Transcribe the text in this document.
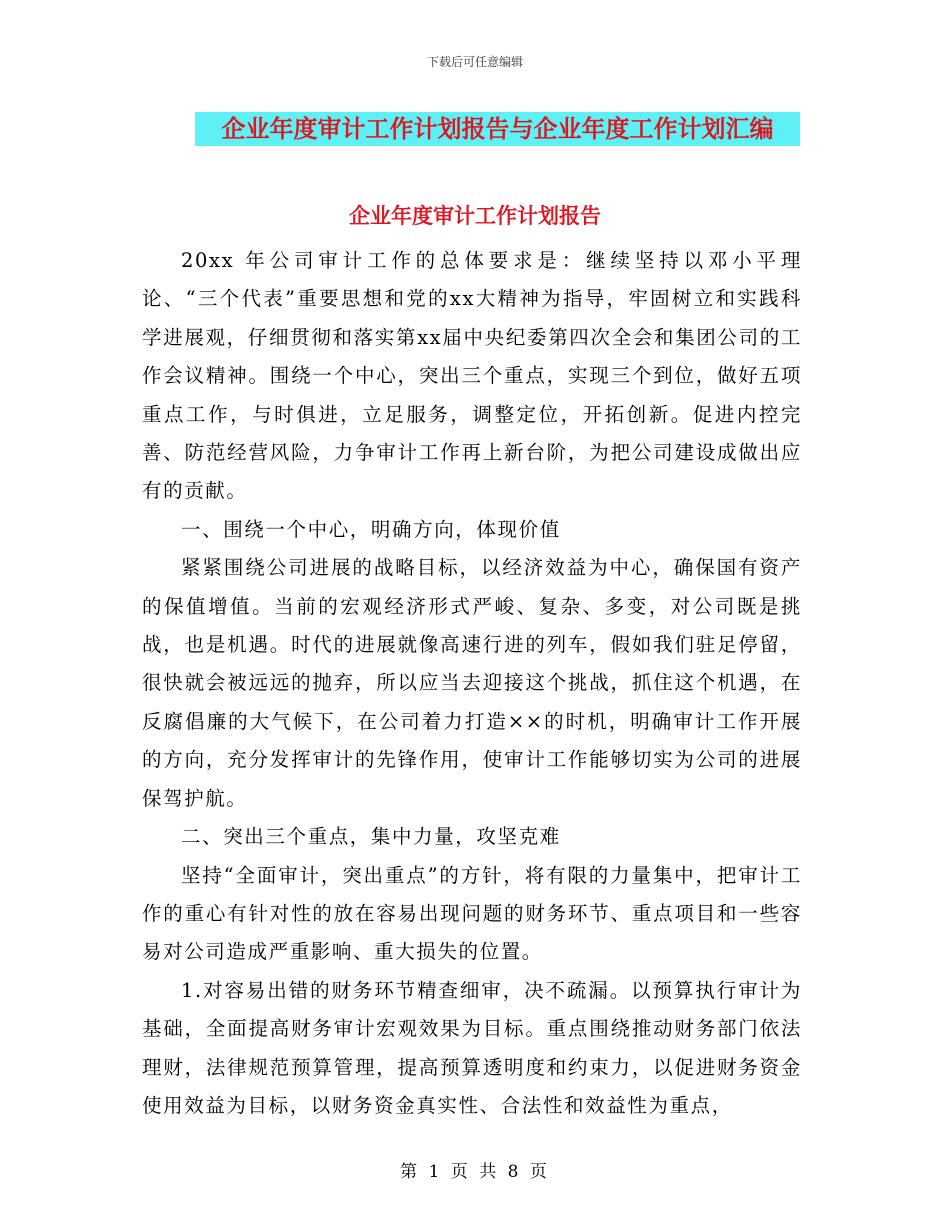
下载后可任意编辑
企业年度审计工作计划报告与企业年度工作计划汇编
企业年度审计工作计划报告

20xx 年公司审计工作的总体要求是：继续坚持以邓小平理论、“三个代表”重要思想和党的xx大精神为指导，牢固树立和实践科学进展观，仔细贯彻和落实第xx届中央纪委第四次全会和集团公司的工作会议精神。围绕一个中心，突出三个重点，实现三个到位，做好五项重点工作，与时俱进，立足服务，调整定位，开拓创新。促进内控完善、防范经营风险，力争审计工作再上新台阶，为把公司建设成做出应有的贡献。

一、围绕一个中心，明确方向，体现价值

紧紧围绕公司进展的战略目标，以经济效益为中心，确保国有资产的保值增值。当前的宏观经济形式严峻、复杂、多变，对公司既是挑战，也是机遇。时代的进展就像高速行进的列车，假如我们驻足停留，很快就会被远远的抛弃，所以应当去迎接这个挑战，抓住这个机遇，在反腐倡廉的大气候下，在公司着力打造××的时机，明确审计工作开展的方向，充分发挥审计的先锋作用，使审计工作能够切实为公司的进展保驾护航。

二、突出三个重点，集中力量，攻坚克难

坚持“全面审计，突出重点”的方针，将有限的力量集中，把审计工作的重心有针对性的放在容易出现问题的财务环节、重点项目和一些容易对公司造成严重影响、重大损失的位置。

1.对容易出错的财务环节精查细审，决不疏漏。以预算执行审计为基础，全面提高财务审计宏观效果为目标。重点围绕推动财务部门依法理财，法律规范预算管理，提高预算透明度和约束力，以促进财务资金使用效益为目标，以财务资金真实性、合法性和效益性为重点，

第 1 页 共 8 页
